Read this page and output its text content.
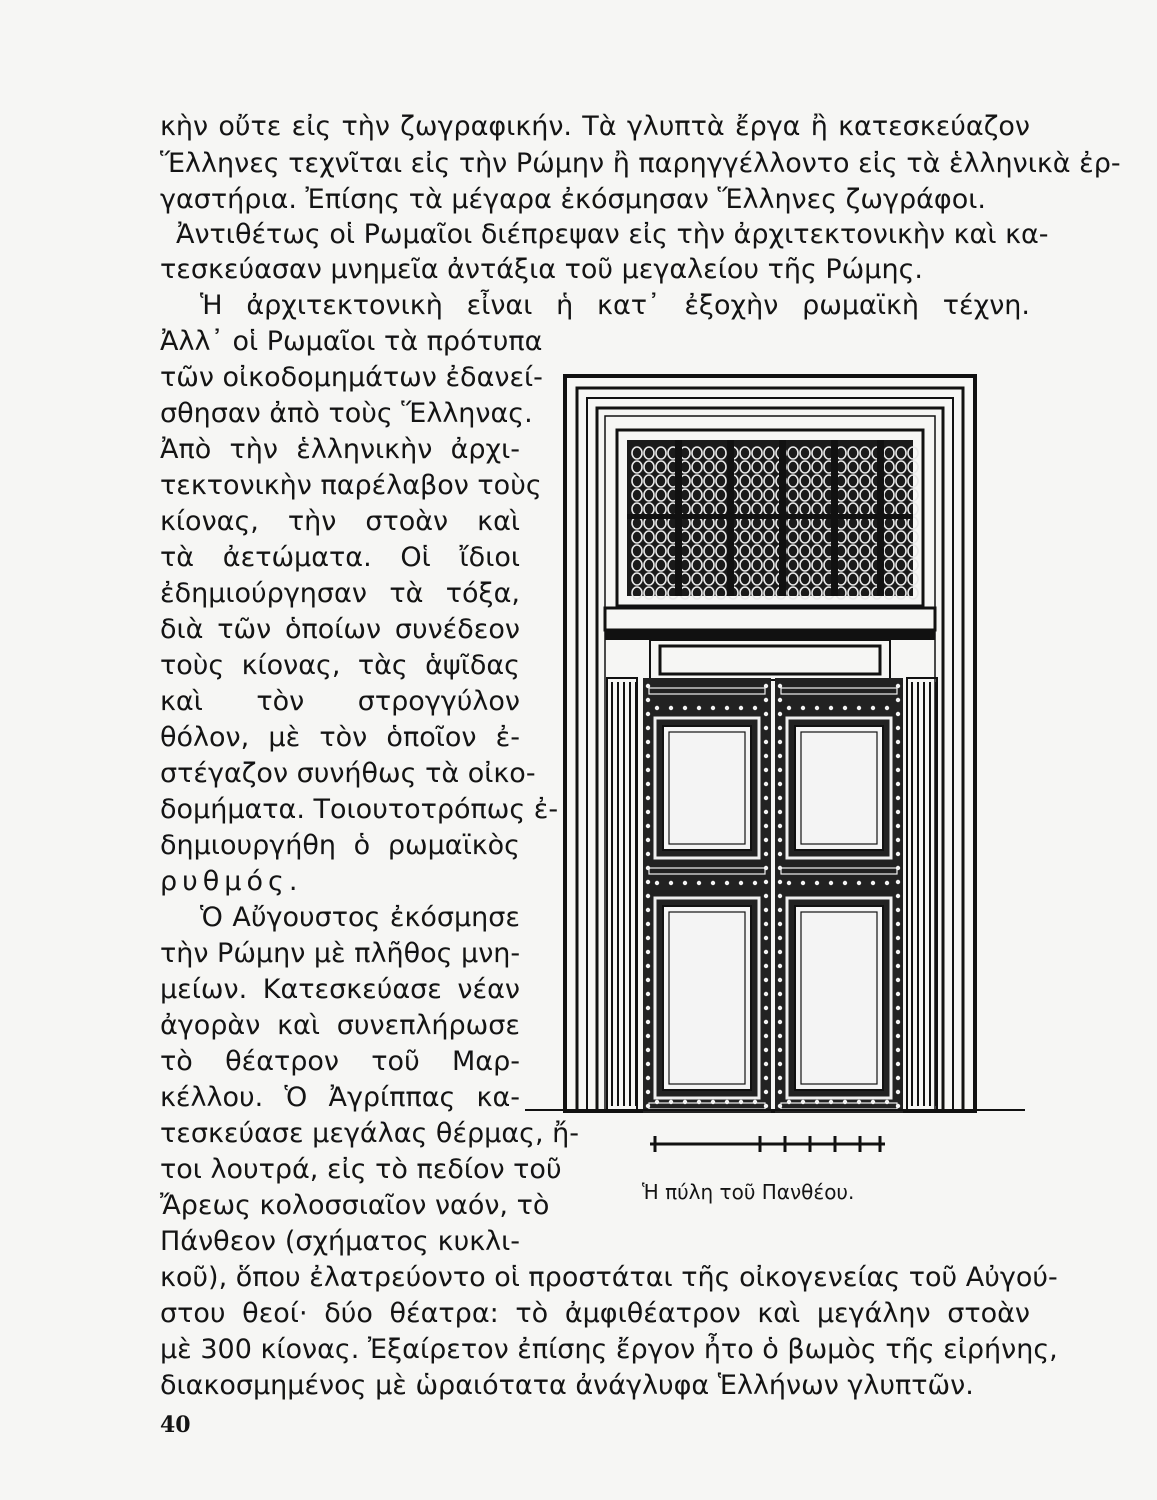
κὴν οὔτε εἰς τὴν ζωγραφικήν. Τὰ γλυπτὰ ἔργα ἢ κατεσκεύαζον
Ἕλληνες τεχνῖται εἰς τὴν Ρώμην ἢ παρηγγέλλοντο εἰς τὰ ἑλληνικὰ ἐρ-
γαστήρια. Ἐπίσης τὰ μέγαρα ἐκόσμησαν Ἕλληνες ζωγράφοι.
Ἀντιθέτως οἱ Ρωμαῖοι διέπρεψαν εἰς τὴν ἀρχιτεκτονικὴν καὶ κα-
τεσκεύασαν μνημεῖα ἀντάξια τοῦ μεγαλείου τῆς Ρώμης.
Ἡ ἀρχιτεκτονικὴ εἶναι ἡ κατ᾿ ἐξοχὴν ρωμαϊκὴ τέχνη.
Ἀλλ᾿ οἱ Ρωμαῖοι τὰ πρότυπα
τῶν οἰκοδομημάτων ἐδανεί-
σθησαν ἀπὸ τοὺς Ἕλληνας.
Ἀπὸ τὴν ἑλληνικὴν ἀρχι-
τεκτονικὴν παρέλαβον τοὺς
κίονας, τὴν στοὰν καὶ
τὰ ἀετώματα. Οἱ ἴδιοι
ἐδημιούργησαν τὰ τόξα,
διὰ τῶν ὁποίων συνέδεον
τοὺς κίονας, τὰς ἁψῖδας
καὶ τὸν στρογγύλον
θόλον, μὲ τὸν ὁποῖον ἐ-
στέγαζον συνήθως τὰ οἰκο-
δομήματα. Τοιουτοτρόπως ἐ-
δημιουργήθη ὁ ρωμαϊκὸς
ρυθμός.
Ὁ Αὔγουστος ἐκόσμησε
τὴν Ρώμην μὲ πλῆθος μνη-
μείων. Κατεσκεύασε νέαν
ἀγορὰν καὶ συνεπλήρωσε
τὸ θέατρον τοῦ Μαρ-
κέλλου. Ὁ Ἀγρίππας κα-
τεσκεύασε μεγάλας θέρμας, ἤ-
τοι λουτρά, εἰς τὸ πεδίον τοῦ
Ἄρεως κολοσσιαῖον ναόν, τὸ
Πάνθεον (σχήματος κυκλι-
κοῦ), ὅπου ἐλατρεύοντο οἱ προστάται τῆς οἰκογενείας τοῦ Αὐγού-
στου θεοί· δύο θέατρα: τὸ ἀμφιθέατρον καὶ μεγάλην στοὰν
μὲ 300 κίονας. Ἐξαίρετον ἐπίσης ἔργον ἦτο ὁ βωμὸς τῆς εἰρήνης,
διακοσμημένος μὲ ὡραιότατα ἀνάγλυφα Ἑλλήνων γλυπτῶν.
Ἡ πύλη τοῦ Πανθέου.
40
